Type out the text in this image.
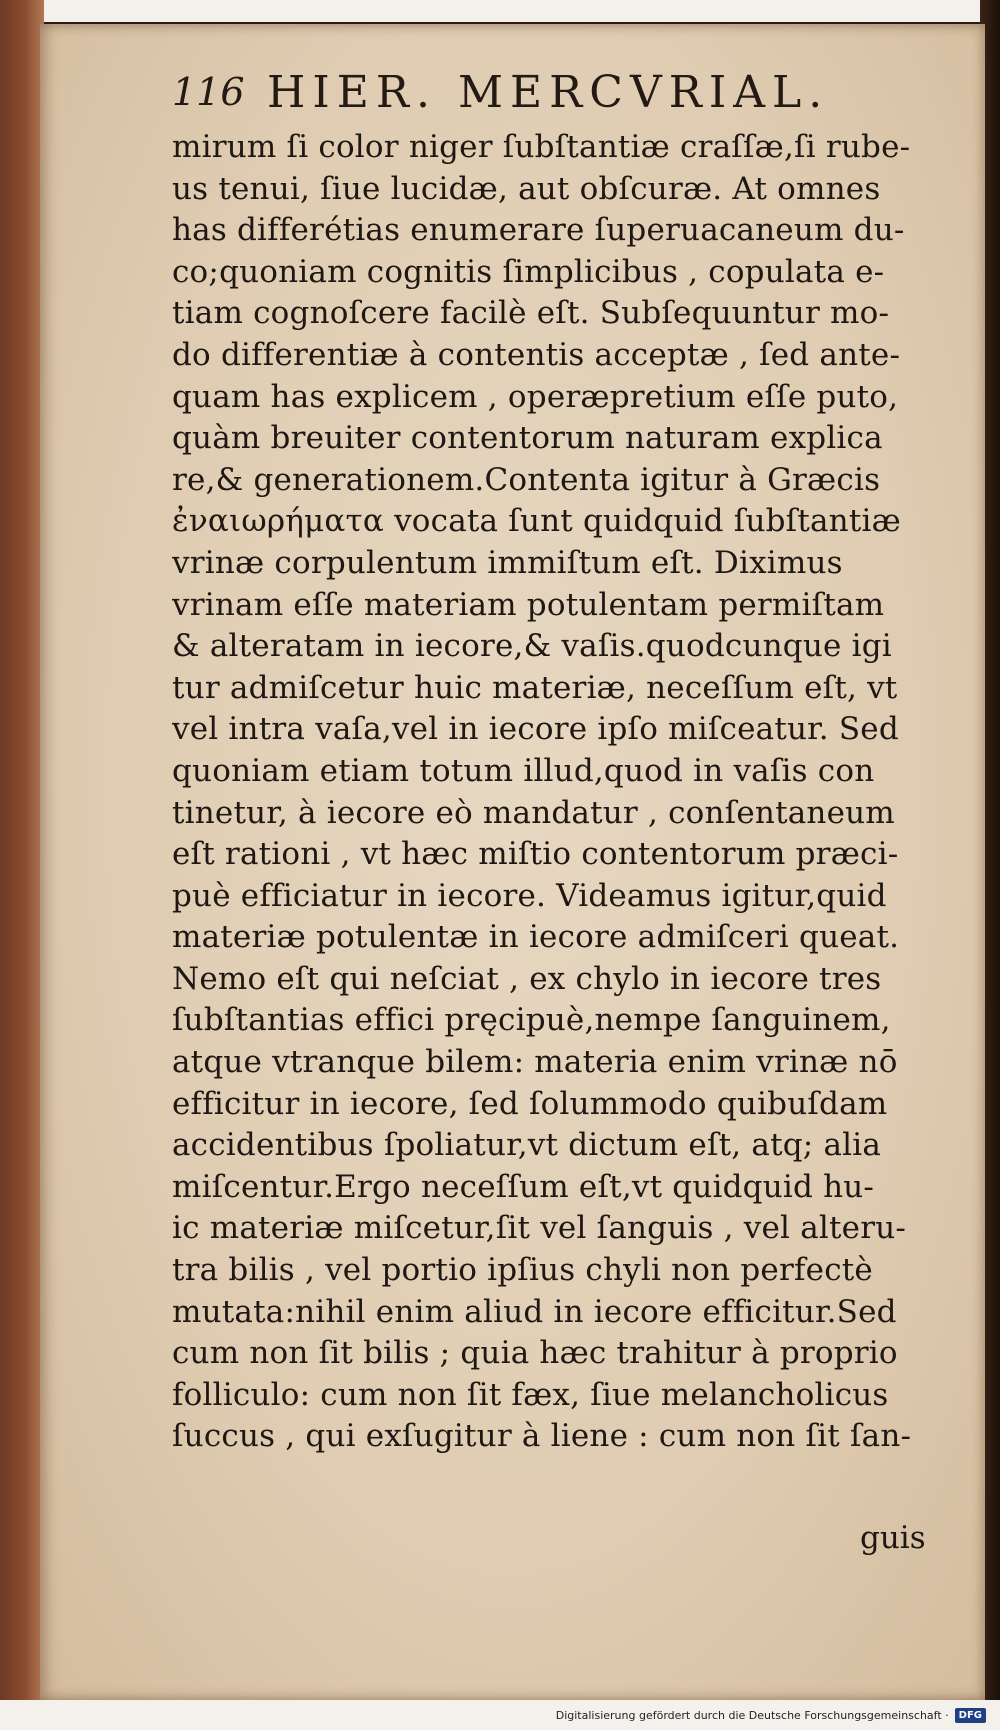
116 HIER. MERCVRIAL.
mirum ſi color niger ſubſtantiæ craſſæ,ſi rube-
us tenui, ſiue lucidæ, aut obſcuræ. At omnes
has differétias enumerare ſuperuacaneum du-
co;quoniam cognitis ſimplicibus , copulata e-
tiam cognoſcere facilè eſt. Subſequuntur mo-
do differentiæ à contentis acceptæ , ſed ante-
quam has explicem , operæpretium eſſe puto,
quàm breuiter contentorum naturam explica
re,& generationem.Contenta igitur à Græcis
ἐναιωρήματα vocata ſunt quidquid ſubſtantiæ
vrinæ corpulentum immiſtum eſt. Diximus
vrinam eſſe materiam potulentam permiſtam
& alteratam in iecore,& vaſis.quodcunque igi
tur admiſcetur huic materiæ, neceſſum eſt, vt
vel intra vaſa,vel in iecore ipſo miſceatur. Sed
quoniam etiam totum illud,quod in vaſis con
tinetur, à iecore eò mandatur , conſentaneum
eſt rationi , vt hæc miſtio contentorum præci-
puè efficiatur in iecore. Videamus igitur,quid
materiæ potulentæ in iecore admiſceri queat.
Nemo eſt qui neſciat , ex chylo in iecore tres
ſubſtantias effici pręcipuè,nempe ſanguinem,
atque vtranque bilem: materia enim vrinæ nō
efficitur in iecore, ſed ſolummodo quibuſdam
accidentibus ſpoliatur,vt dictum eſt, atq; alia
miſcentur.Ergo neceſſum eſt,vt quidquid hu-
ic materiæ miſcetur,ſit vel ſanguis , vel alteru-
tra bilis , vel portio ipſius chyli non perfectè
mutata:nihil enim aliud in iecore efficitur.Sed
cum non ſit bilis ; quia hæc trahitur à proprio
folliculo: cum non ſit fæx, ſiue melancholicus
ſuccus , qui exſugitur à liene : cum non ſit ſan-
guis
Digitalisierung gefördert durch die Deutsche Forschungsgemeinschaft ·	DFG
